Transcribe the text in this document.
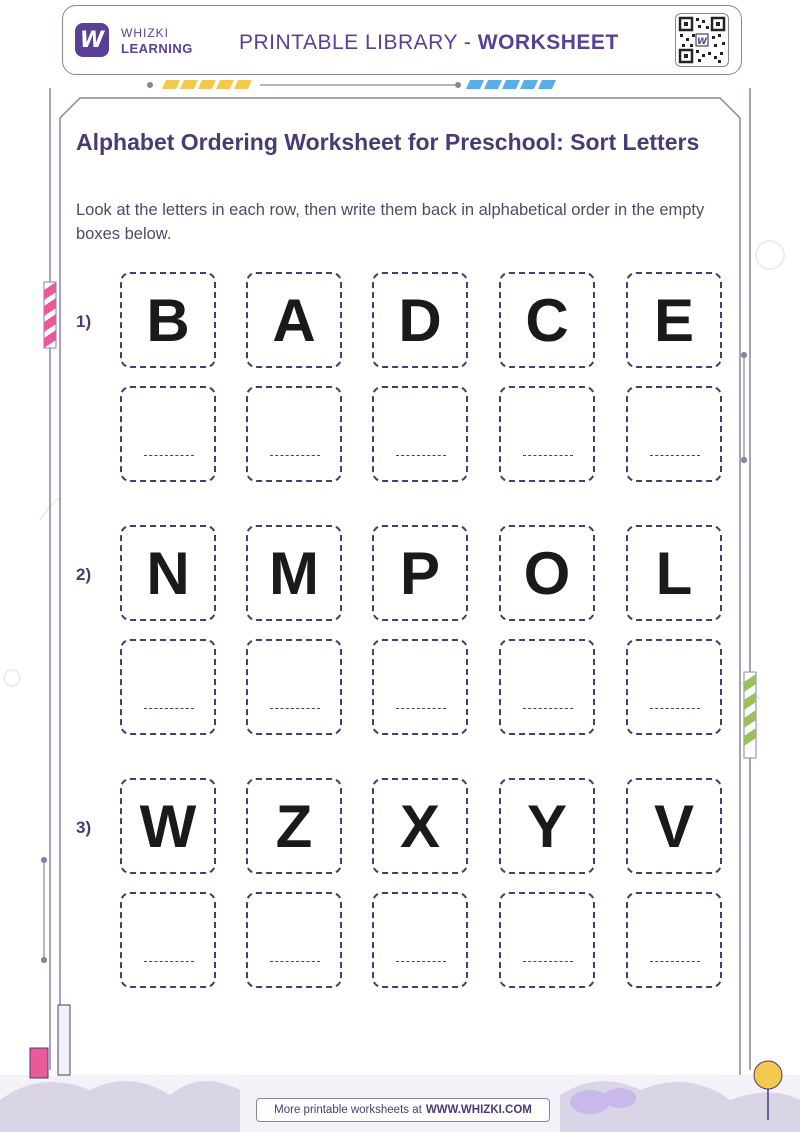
W	WHIZKI
LEARNING PRINTABLE LIBRARY - WORKSHEET	W
Alphabet Ordering Worksheet for Preschool: Sort Letters
Look at the letters in each row, then write them back in alphabetical order in the empty boxes below.
1) B	A	D	C	E
2) N	M	P	O	L
3) W	Z	X	Y	V
More printable worksheets at WWW.WHIZKI.COM
